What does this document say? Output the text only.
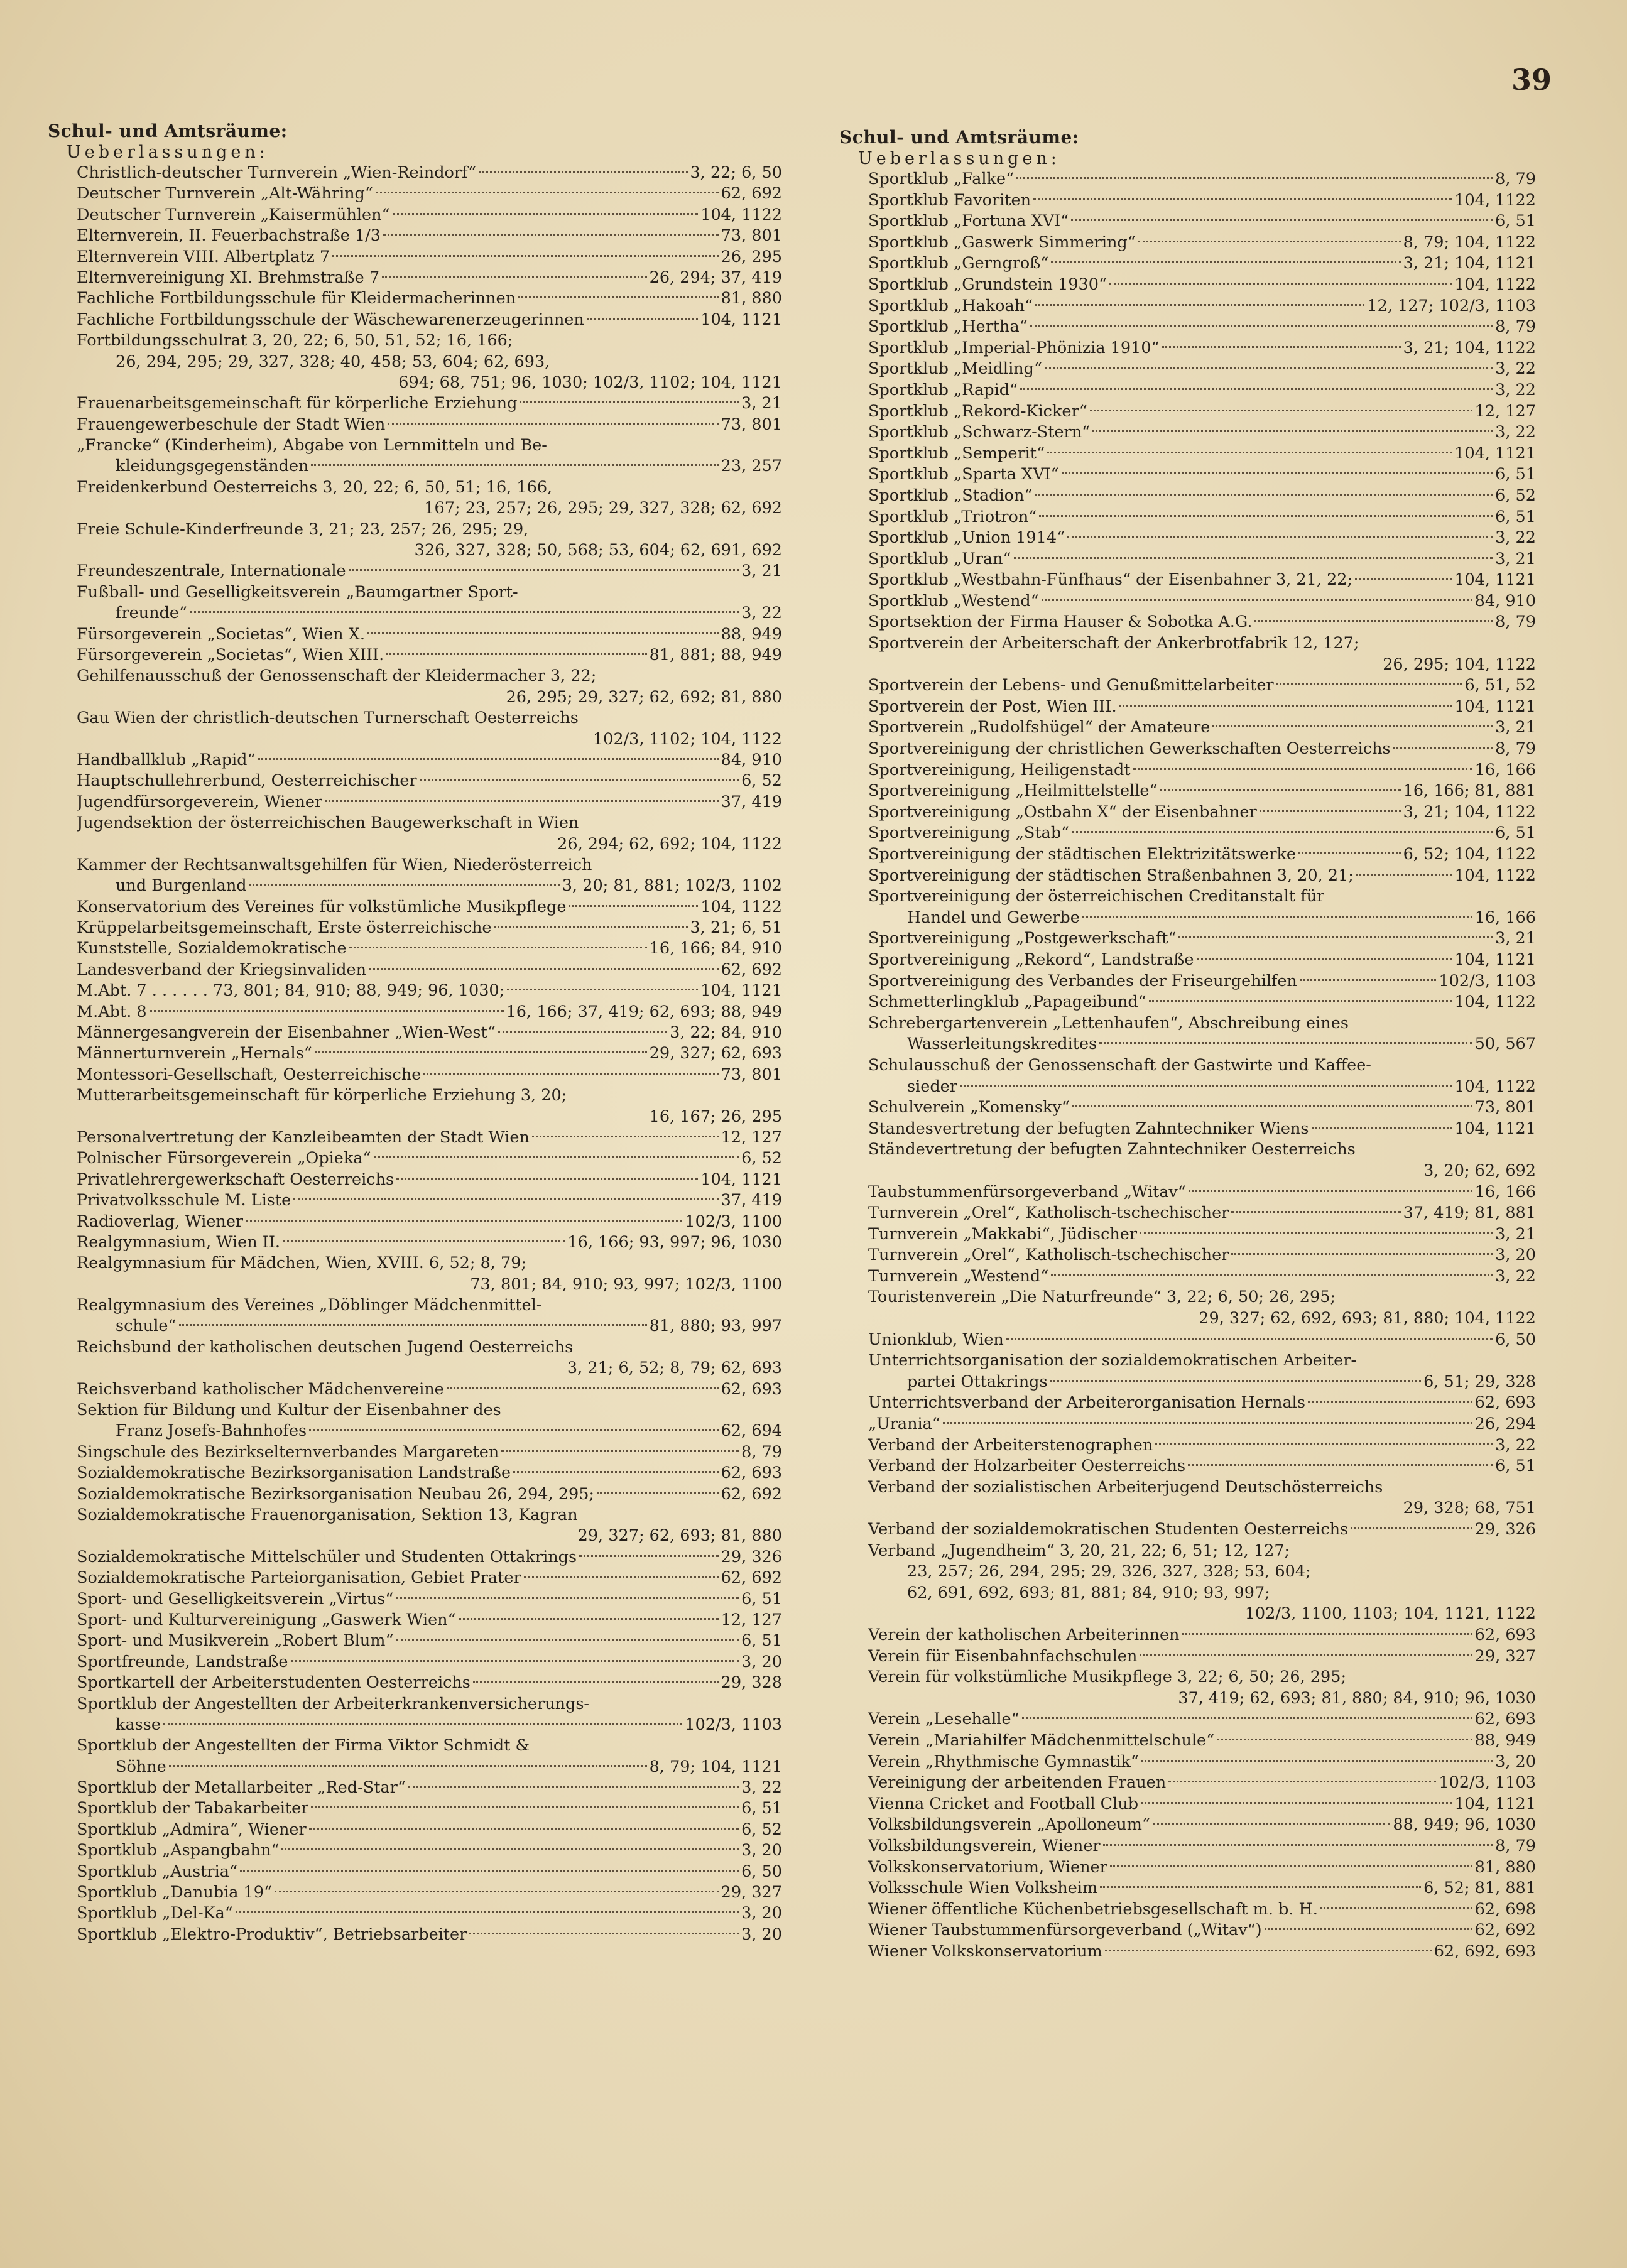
39
Schul- und Amtsräume:
Ueberlassungen:
Christlich-deutscher Turnverein „Wien-Reindorf“	3, 22; 6, 50
Deutscher Turnverein „Alt-Währing“	62, 692
Deutscher Turnverein „Kaisermühlen“	104, 1122
Elternverein, II. Feuerbachstraße 1/3	73, 801
Elternverein VIII. Albertplatz 7	26, 295
Elternvereinigung XI. Brehmstraße 7	26, 294; 37, 419
Fachliche Fortbildungsschule für Kleidermacherinnen	81, 880
Fachliche Fortbildungsschule der Wäschewarenerzeugerinnen	104, 1121
Fortbildungsschulrat 3, 20, 22; 6, 50, 51, 52; 16, 166;
26, 294, 295; 29, 327, 328; 40, 458; 53, 604; 62, 693,
694; 68, 751; 96, 1030; 102/3, 1102; 104, 1121
Frauenarbeitsgemeinschaft für körperliche Erziehung	3, 21
Frauengewerbeschule der Stadt Wien	73, 801
„Francke“ (Kinderheim), Abgabe von Lernmitteln und Be-
kleidungsgegenständen	23, 257
Freidenkerbund Oesterreichs 3, 20, 22; 6, 50, 51; 16, 166,
167; 23, 257; 26, 295; 29, 327, 328; 62, 692
Freie Schule-Kinderfreunde 3, 21; 23, 257; 26, 295; 29,
326, 327, 328; 50, 568; 53, 604; 62, 691, 692
Freundeszentrale, Internationale	3, 21
Fußball- und Geselligkeitsverein „Baumgartner Sport-
freunde“	3, 22
Fürsorgeverein „Societas“, Wien X.	88, 949
Fürsorgeverein „Societas“, Wien XIII.	81, 881; 88, 949
Gehilfenausschuß der Genossenschaft der Kleidermacher 3, 22;
26, 295; 29, 327; 62, 692; 81, 880
Gau Wien der christlich-deutschen Turnerschaft Oesterreichs
102/3, 1102; 104, 1122
Handballklub „Rapid“	84, 910
Hauptschullehrerbund, Oesterreichischer	6, 52
Jugendfürsorgeverein, Wiener	37, 419
Jugendsektion der österreichischen Baugewerkschaft in Wien
26, 294; 62, 692; 104, 1122
Kammer der Rechtsanwaltsgehilfen für Wien, Niederösterreich
und Burgenland	3, 20; 81, 881; 102/3, 1102
Konservatorium des Vereines für volkstümliche Musikpflege	104, 1122
Krüppelarbeitsgemeinschaft, Erste österreichische	3, 21; 6, 51
Kunststelle, Sozialdemokratische	16, 166; 84, 910
Landesverband der Kriegsinvaliden	62, 692
M.Abt. 7 . . . . . . 73, 801; 84, 910; 88, 949; 96, 1030;	104, 1121
M.Abt. 8	16, 166; 37, 419; 62, 693; 88, 949
Männergesangverein der Eisenbahner „Wien-West“	3, 22; 84, 910
Männerturnverein „Hernals“	29, 327; 62, 693
Montessori-Gesellschaft, Oesterreichische	73, 801
Mutterarbeitsgemeinschaft für körperliche Erziehung 3, 20;
16, 167; 26, 295
Personalvertretung der Kanzleibeamten der Stadt Wien	12, 127
Polnischer Fürsorgeverein „Opieka“	6, 52
Privatlehrergewerkschaft Oesterreichs	104, 1121
Privatvolksschule M. Liste	37, 419
Radioverlag, Wiener	102/3, 1100
Realgymnasium, Wien II.	16, 166; 93, 997; 96, 1030
Realgymnasium für Mädchen, Wien, XVIII. 6, 52; 8, 79;
73, 801; 84, 910; 93, 997; 102/3, 1100
Realgymnasium des Vereines „Döblinger Mädchenmittel-
schule“	81, 880; 93, 997
Reichsbund der katholischen deutschen Jugend Oesterreichs
3, 21; 6, 52; 8, 79; 62, 693
Reichsverband katholischer Mädchenvereine	62, 693
Sektion für Bildung und Kultur der Eisenbahner des
Franz Josefs-Bahnhofes	62, 694
Singschule des Bezirkselternverbandes Margareten	8, 79
Sozialdemokratische Bezirksorganisation Landstraße	62, 693
Sozialdemokratische Bezirksorganisation Neubau 26, 294, 295;	62, 692
Sozialdemokratische Frauenorganisation, Sektion 13, Kagran
29, 327; 62, 693; 81, 880
Sozialdemokratische Mittelschüler und Studenten Ottakrings	29, 326
Sozialdemokratische Parteiorganisation, Gebiet Prater	62, 692
Sport- und Geselligkeitsverein „Virtus“	6, 51
Sport- und Kulturvereinigung „Gaswerk Wien“	12, 127
Sport- und Musikverein „Robert Blum“	6, 51
Sportfreunde, Landstraße	3, 20
Sportkartell der Arbeiterstudenten Oesterreichs	29, 328
Sportklub der Angestellten der Arbeiterkrankenversicherungs-
kasse	102/3, 1103
Sportklub der Angestellten der Firma Viktor Schmidt &
Söhne	8, 79; 104, 1121
Sportklub der Metallarbeiter „Red-Star“	3, 22
Sportklub der Tabakarbeiter	6, 51
Sportklub „Admira“, Wiener	6, 52
Sportklub „Aspangbahn“	3, 20
Sportklub „Austria“	6, 50
Sportklub „Danubia 19“	29, 327
Sportklub „Del-Ka“	3, 20
Sportklub „Elektro-Produktiv“, Betriebsarbeiter	3, 20
Schul- und Amtsräume:
Ueberlassungen:
Sportklub „Falke“	8, 79
Sportklub Favoriten	104, 1122
Sportklub „Fortuna XVI“	6, 51
Sportklub „Gaswerk Simmering“	8, 79; 104, 1122
Sportklub „Gerngroß“	3, 21; 104, 1121
Sportklub „Grundstein 1930“	104, 1122
Sportklub „Hakoah“	12, 127; 102/3, 1103
Sportklub „Hertha“	8, 79
Sportklub „Imperial-Phönizia 1910“	3, 21; 104, 1122
Sportklub „Meidling“	3, 22
Sportklub „Rapid“	3, 22
Sportklub „Rekord-Kicker“	12, 127
Sportklub „Schwarz-Stern“	3, 22
Sportklub „Semperit“	104, 1121
Sportklub „Sparta XVI“	6, 51
Sportklub „Stadion“	6, 52
Sportklub „Triotron“	6, 51
Sportklub „Union 1914“	3, 22
Sportklub „Uran“	3, 21
Sportklub „Westbahn-Fünfhaus“ der Eisenbahner 3, 21, 22;	104, 1121
Sportklub „Westend“	84, 910
Sportsektion der Firma Hauser & Sobotka A.G.	8, 79
Sportverein der Arbeiterschaft der Ankerbrotfabrik 12, 127;
26, 295; 104, 1122
Sportverein der Lebens- und Genußmittelarbeiter	6, 51, 52
Sportverein der Post, Wien III.	104, 1121
Sportverein „Rudolfshügel“ der Amateure	3, 21
Sportvereinigung der christlichen Gewerkschaften Oesterreichs	8, 79
Sportvereinigung, Heiligenstadt	16, 166
Sportvereinigung „Heilmittelstelle“	16, 166; 81, 881
Sportvereinigung „Ostbahn X“ der Eisenbahner	3, 21; 104, 1122
Sportvereinigung „Stab“	6, 51
Sportvereinigung der städtischen Elektrizitätswerke	6, 52; 104, 1122
Sportvereinigung der städtischen Straßenbahnen 3, 20, 21;	104, 1122
Sportvereinigung der österreichischen Creditanstalt für
Handel und Gewerbe	16, 166
Sportvereinigung „Postgewerkschaft“	3, 21
Sportvereinigung „Rekord“, Landstraße	104, 1121
Sportvereinigung des Verbandes der Friseurgehilfen	102/3, 1103
Schmetterlingklub „Papageibund“	104, 1122
Schrebergartenverein „Lettenhaufen“, Abschreibung eines
Wasserleitungskredites	50, 567
Schulausschuß der Genossenschaft der Gastwirte und Kaffee-
sieder	104, 1122
Schulverein „Komensky“	73, 801
Standesvertretung der befugten Zahntechniker Wiens	104, 1121
Ständevertretung der befugten Zahntechniker Oesterreichs
3, 20; 62, 692
Taubstummenfürsorgeverband „Witav“	16, 166
Turnverein „Orel“, Katholisch-tschechischer	37, 419; 81, 881
Turnverein „Makkabi“, Jüdischer	3, 21
Turnverein „Orel“, Katholisch-tschechischer	3, 20
Turnverein „Westend“	3, 22
Touristenverein „Die Naturfreunde“ 3, 22; 6, 50; 26, 295;
29, 327; 62, 692, 693; 81, 880; 104, 1122
Unionklub, Wien	6, 50
Unterrichtsorganisation der sozialdemokratischen Arbeiter-
partei Ottakrings	6, 51; 29, 328
Unterrichtsverband der Arbeiterorganisation Hernals	62, 693
„Urania“	26, 294
Verband der Arbeiterstenographen	3, 22
Verband der Holzarbeiter Oesterreichs	6, 51
Verband der sozialistischen Arbeiterjugend Deutschösterreichs
29, 328; 68, 751
Verband der sozialdemokratischen Studenten Oesterreichs	29, 326
Verband „Jugendheim“ 3, 20, 21, 22; 6, 51; 12, 127;
23, 257; 26, 294, 295; 29, 326, 327, 328; 53, 604;
62, 691, 692, 693; 81, 881; 84, 910; 93, 997;
102/3, 1100, 1103; 104, 1121, 1122
Verein der katholischen Arbeiterinnen	62, 693
Verein für Eisenbahnfachschulen	29, 327
Verein für volkstümliche Musikpflege 3, 22; 6, 50; 26, 295;
37, 419; 62, 693; 81, 880; 84, 910; 96, 1030
Verein „Lesehalle“	62, 693
Verein „Mariahilfer Mädchenmittelschule“	88, 949
Verein „Rhythmische Gymnastik“	3, 20
Vereinigung der arbeitenden Frauen	102/3, 1103
Vienna Cricket and Football Club	104, 1121
Volksbildungsverein „Apolloneum“	88, 949; 96, 1030
Volksbildungsverein, Wiener	8, 79
Volkskonservatorium, Wiener	81, 880
Volksschule Wien Volksheim	6, 52; 81, 881
Wiener öffentliche Küchenbetriebsgesellschaft m. b. H.	62, 698
Wiener Taubstummenfürsorgeverband („Witav“)	62, 692
Wiener Volkskonservatorium	62, 692, 693
